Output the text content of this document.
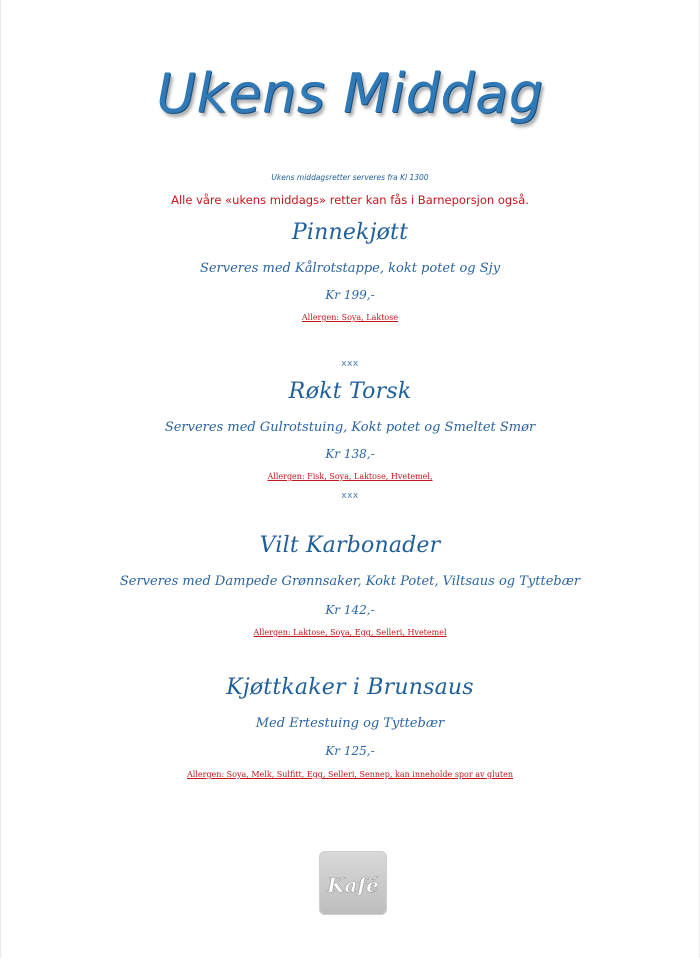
Ukens Middag
Ukens middagsretter serveres fra Kl 1300
Alle våre «ukens middags» retter kan fås i Barneporsjon også.
Pinnekjøtt
Serveres med Kålrotstappe, kokt potet og Sjy
Kr 199,-
Allergen: Soya, Laktose
xxx
Røkt Torsk
Serveres med Gulrotstuing, Kokt potet og Smeltet Smør
Kr 138,-
Allergen: Fisk, Soya, Laktose, Hvetemel,
xxx
Vilt Karbonader
Serveres med Dampede Grønnsaker, Kokt Potet, Viltsaus og Tyttebær
Kr 142,-
Allergen: Laktose, Soya, Egg, Selleri, Hvetemel
Kjøttkaker i Brunsaus
Med Ertestuing og Tyttebær
Kr 125,-
Allergen: Soya, Melk, Sulfitt, Egg, Selleri, Sennep, kan inneholde spor av gluten
Kafé
